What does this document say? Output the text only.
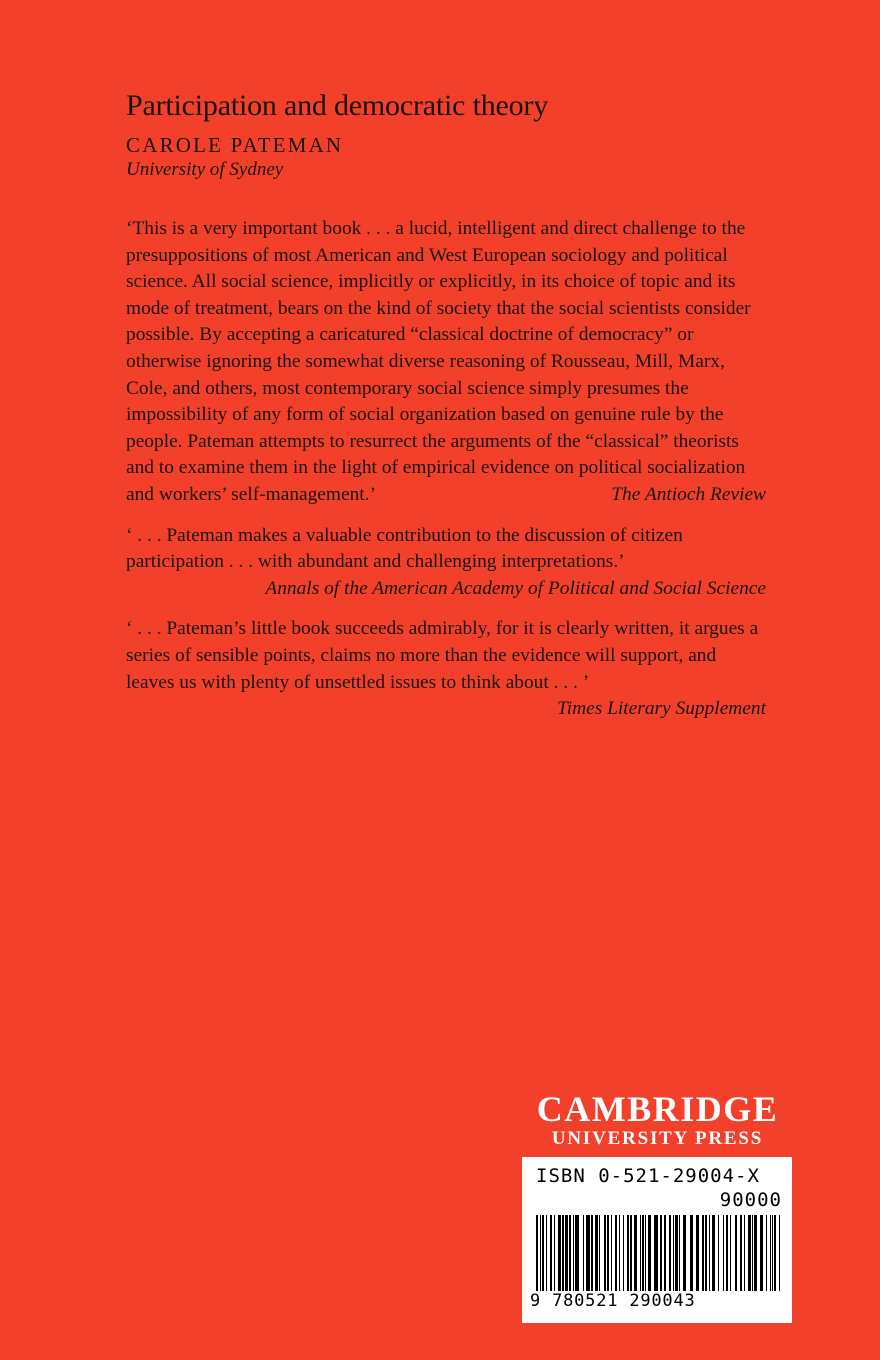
Participation and democratic theory
CAROLE PATEMAN
University of Sydney

‘This is a very important book . . . a lucid, intelligent and direct challenge to the presuppositions of most American and West European sociology and political science. All social science, implicitly or explicitly, in its choice of topic and its mode of treatment, bears on the kind of society that the social scientists consider possible. By accepting a caricatured “classical doctrine of democracy” or otherwise ignoring the somewhat diverse reasoning of Rousseau, Mill, Marx, Cole, and others, most contemporary social science simply presumes the impossibility of any form of social organization based on genuine rule by the people. Pateman attempts to resurrect the arguments of the “classical” theorists and to examine them in the light of empirical evidence on political socialization and workers’ self-management.’	The Antioch Review

‘ . . . Pateman makes a valuable contribution to the discussion of citizen participation . . . with abundant and challenging interpretations.’

Annals of the American Academy of Political and Social Science

‘ . . . Pateman’s little book succeeds admirably, for it is clearly written, it argues a series of sensible points, claims no more than the evidence will support, and leaves us with plenty of unsettled issues to think about . . . ’

Times Literary Supplement
CAMBRIDGE
UNIVERSITY PRESS
ISBN 0-521-29004-X
90000
9 780521 290043
